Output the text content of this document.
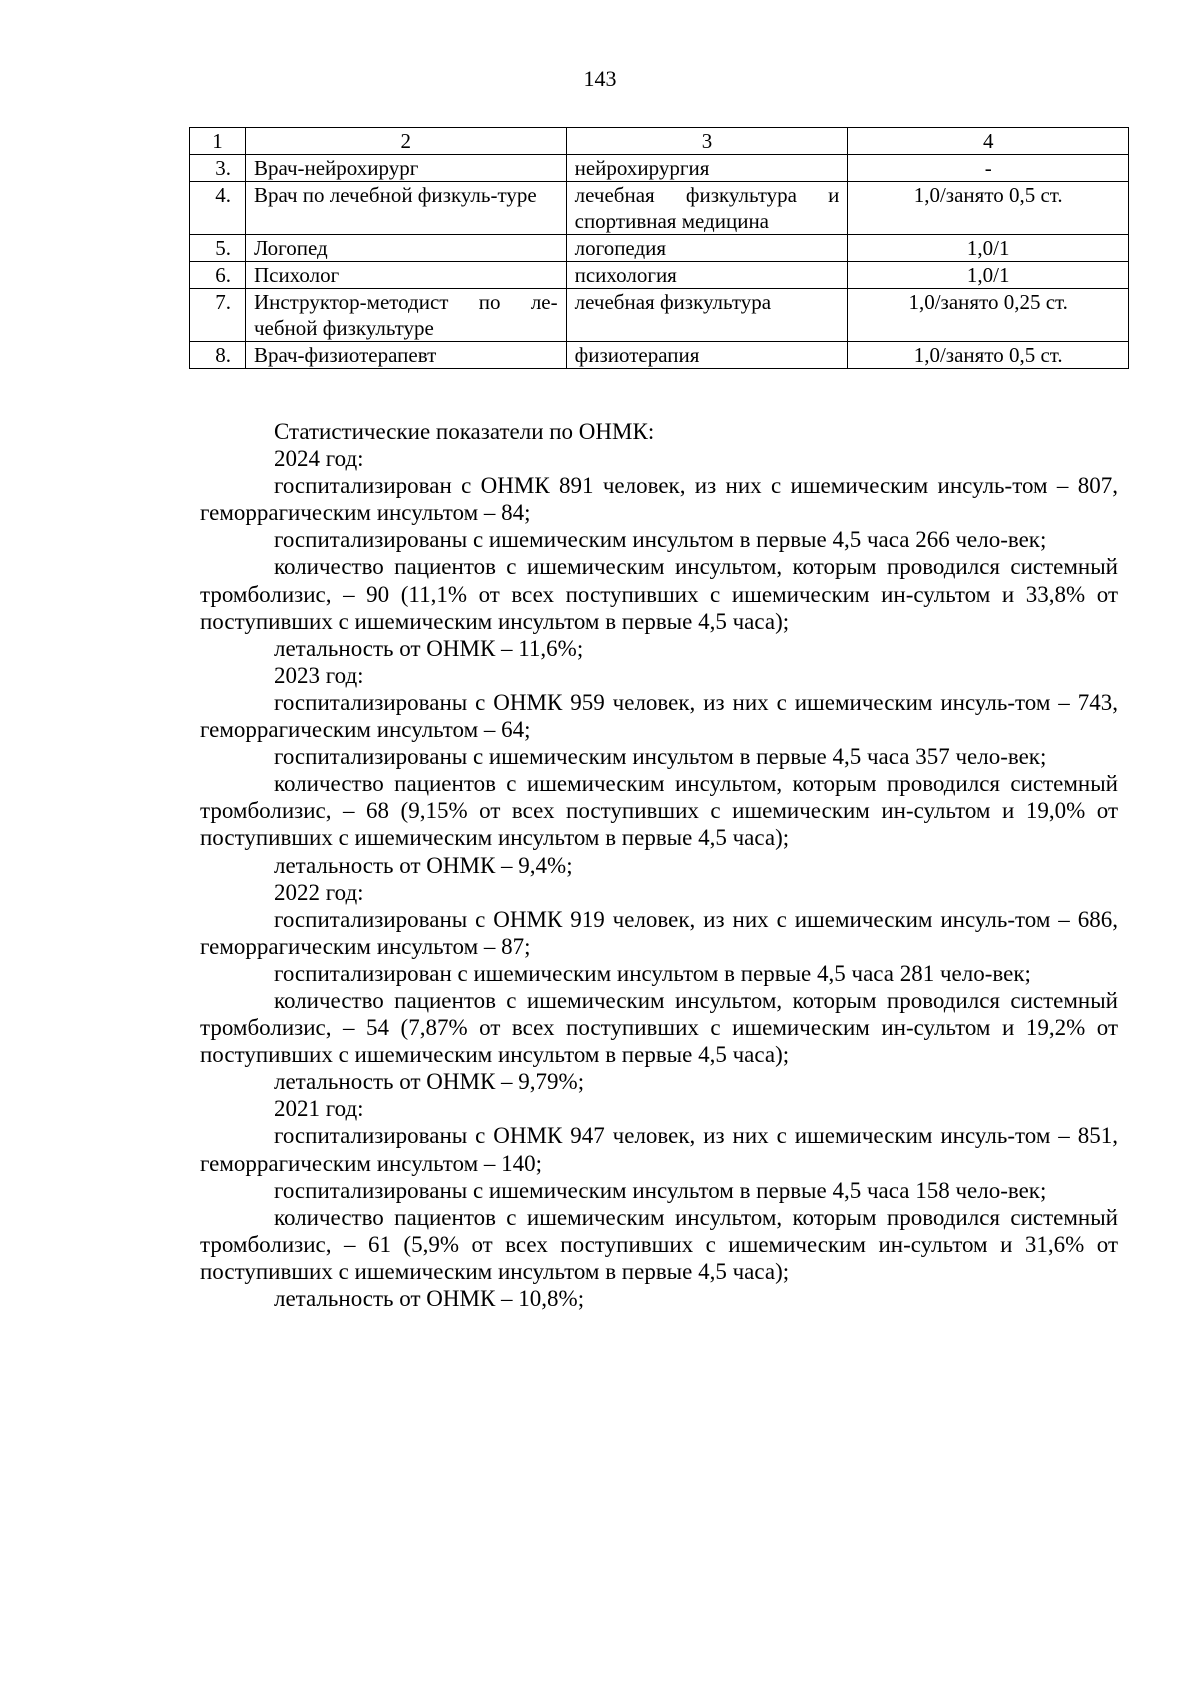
143
1	2	3	4
3.	Врач-нейрохирург	нейрохирургия	-
4.	Врач по лечебной физкуль-туре	лечебная физкультура и спортивная медицина	1,0/занято 0,5 ст.
5.	Логопед	логопедия	1,0/1
6.	Психолог	психология	1,0/1
7.	Инструктор-методист по ле-чебной физкультуре	лечебная физкультура	1,0/занято 0,25 ст.
8.	Врач-физиотерапевт	физиотерапия	1,0/занято 0,5 ст.

Статистические показатели по ОНМК:

2024 год:

госпитализирован с ОНМК 891 человек, из них с ишемическим инсуль-том – 807, геморрагическим инсультом – 84;

госпитализированы с ишемическим инсультом в первые 4,5 часа 266 чело-век;

количество пациентов с ишемическим инсультом, которым проводился системный тромболизис, – 90 (11,1% от всех поступивших с ишемическим ин-сультом и 33,8% от поступивших с ишемическим инсультом в первые 4,5 часа);

летальность от ОНМК – 11,6%;

2023 год:

госпитализированы с ОНМК 959 человек, из них с ишемическим инсуль-том – 743, геморрагическим инсультом – 64;

госпитализированы с ишемическим инсультом в первые 4,5 часа 357 чело-век;

количество пациентов с ишемическим инсультом, которым проводился системный тромболизис, – 68 (9,15% от всех поступивших с ишемическим ин-сультом и 19,0% от поступивших с ишемическим инсультом в первые 4,5 часа);

летальность от ОНМК – 9,4%;

2022 год:

госпитализированы с ОНМК 919 человек, из них с ишемическим инсуль-том – 686, геморрагическим инсультом – 87;

госпитализирован с ишемическим инсультом в первые 4,5 часа 281 чело-век;

количество пациентов с ишемическим инсультом, которым проводился системный тромболизис, – 54 (7,87% от всех поступивших с ишемическим ин-сультом и 19,2% от поступивших с ишемическим инсультом в первые 4,5 часа);

летальность от ОНМК – 9,79%;

2021 год:

госпитализированы с ОНМК 947 человек, из них с ишемическим инсуль-том – 851, геморрагическим инсультом – 140;

госпитализированы с ишемическим инсультом в первые 4,5 часа 158 чело-век;

количество пациентов с ишемическим инсультом, которым проводился системный тромболизис, – 61 (5,9% от всех поступивших с ишемическим ин-сультом и 31,6% от поступивших с ишемическим инсультом в первые 4,5 часа);

летальность от ОНМК – 10,8%;
